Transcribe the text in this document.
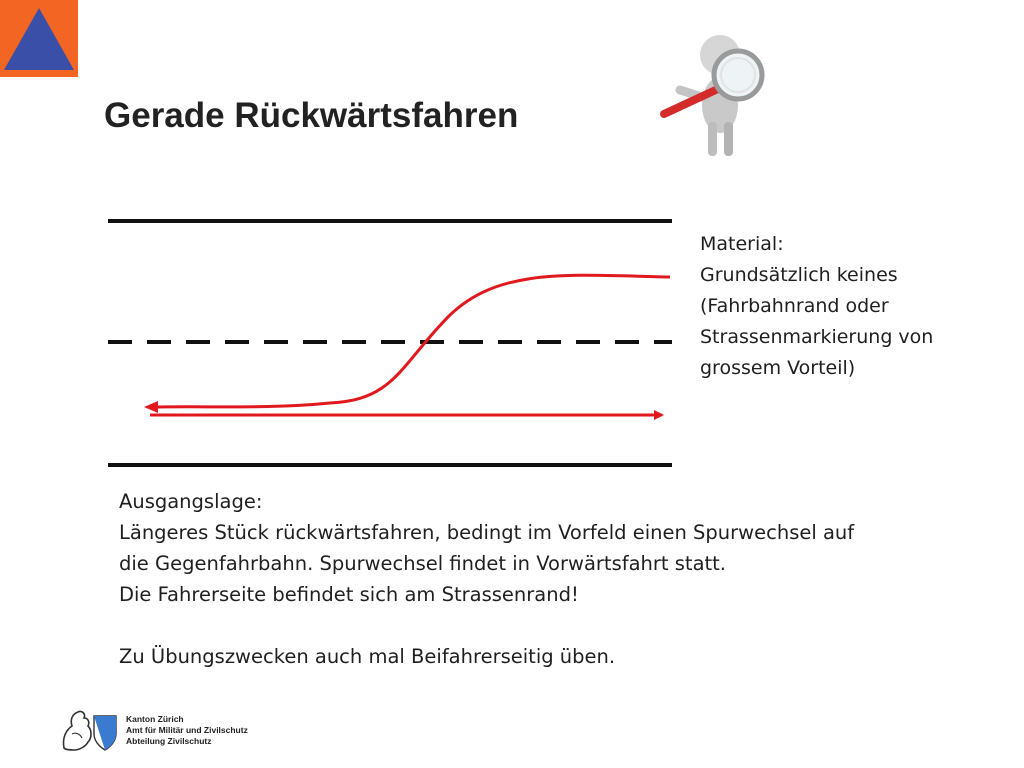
Gerade Rückwärtsfahren
Material:
Grundsätzlich keines
(Fahrbahnrand oder
Strassenmarkierung von
grossem Vorteil)
Ausgangslage:
Längeres Stück rückwärtsfahren, bedingt im Vorfeld einen Spurwechsel auf
die Gegenfahrbahn. Spurwechsel findet in Vorwärtsfahrt statt.
Die Fahrerseite befindet sich am Strassenrand!
Zu Übungszwecken auch mal Beifahrerseitig üben.
Kanton Zürich
Amt für Militär und Zivilschutz
Abteilung Zivilschutz
